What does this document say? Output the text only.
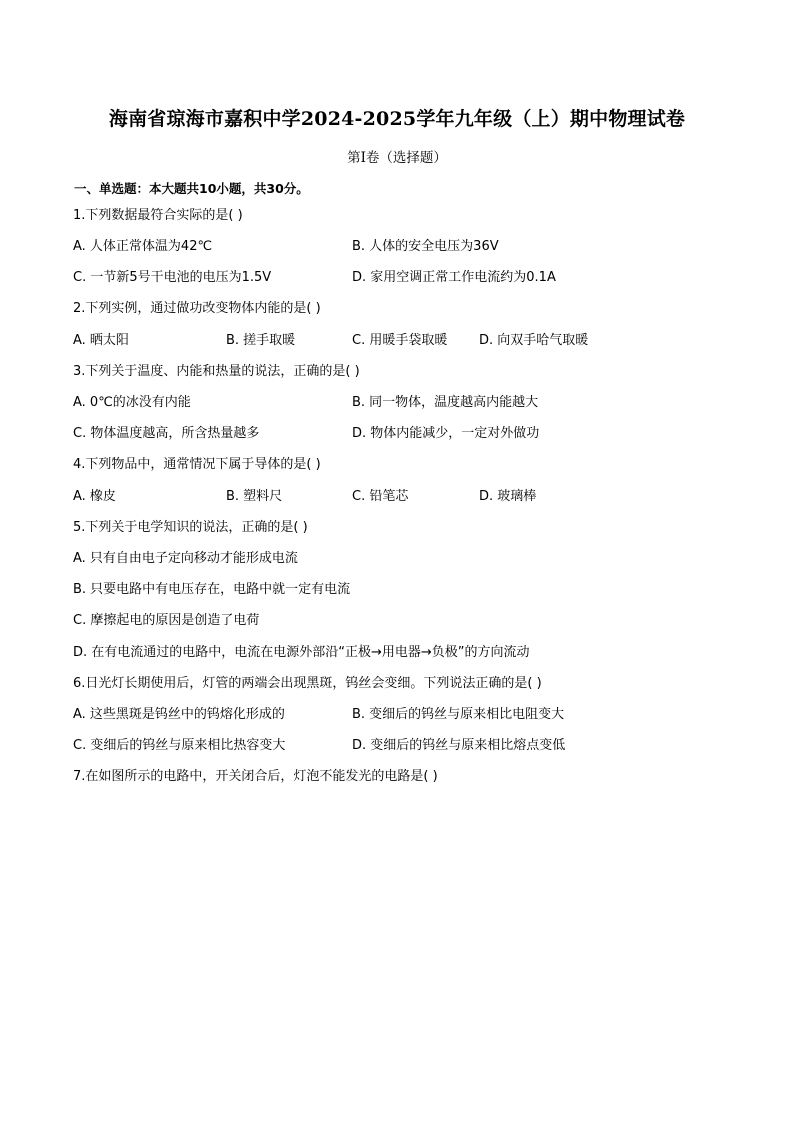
海南省琼海市嘉积中学2024-2025学年九年级（上）期中物理试卷
第I卷（选择题）
一、单选题：本大题共10小题，共30分。
1.下列数据最符合实际的是( )
A. 人体正常体温为42℃	B. 人体的安全电压为36V
C. 一节新5号干电池的电压为1.5V	D. 家用空调正常工作电流约为0.1A
2.下列实例，通过做功改变物体内能的是( )
A. 晒太阳	B. 搓手取暖	C. 用暖手袋取暖 D. 向双手哈气取暖
3.下列关于温度、内能和热量的说法，正确的是( )
A. 0℃的冰没有内能	B. 同一物体，温度越高内能越大
C. 物体温度越高，所含热量越多	D. 物体内能减少，一定对外做功
4.下列物品中，通常情况下属于导体的是( )
A. 橡皮	B. 塑料尺	C. 铅笔芯	D. 玻璃棒
5.下列关于电学知识的说法，正确的是( )
A. 只有自由电子定向移动才能形成电流
B. 只要电路中有电压存在，电路中就一定有电流
C. 摩擦起电的原因是创造了电荷
D. 在有电流通过的电路中，电流在电源外部沿“正极→用电器→负极”的方向流动
6.日光灯长期使用后，灯管的两端会出现黑斑，钨丝会变细。下列说法正确的是( )
A. 这些黑斑是钨丝中的钨熔化形成的	B. 变细后的钨丝与原来相比电阻变大
C. 变细后的钨丝与原来相比热容变大	D. 变细后的钨丝与原来相比熔点变低
7.在如图所示的电路中，开关闭合后，灯泡不能发光的电路是( )
